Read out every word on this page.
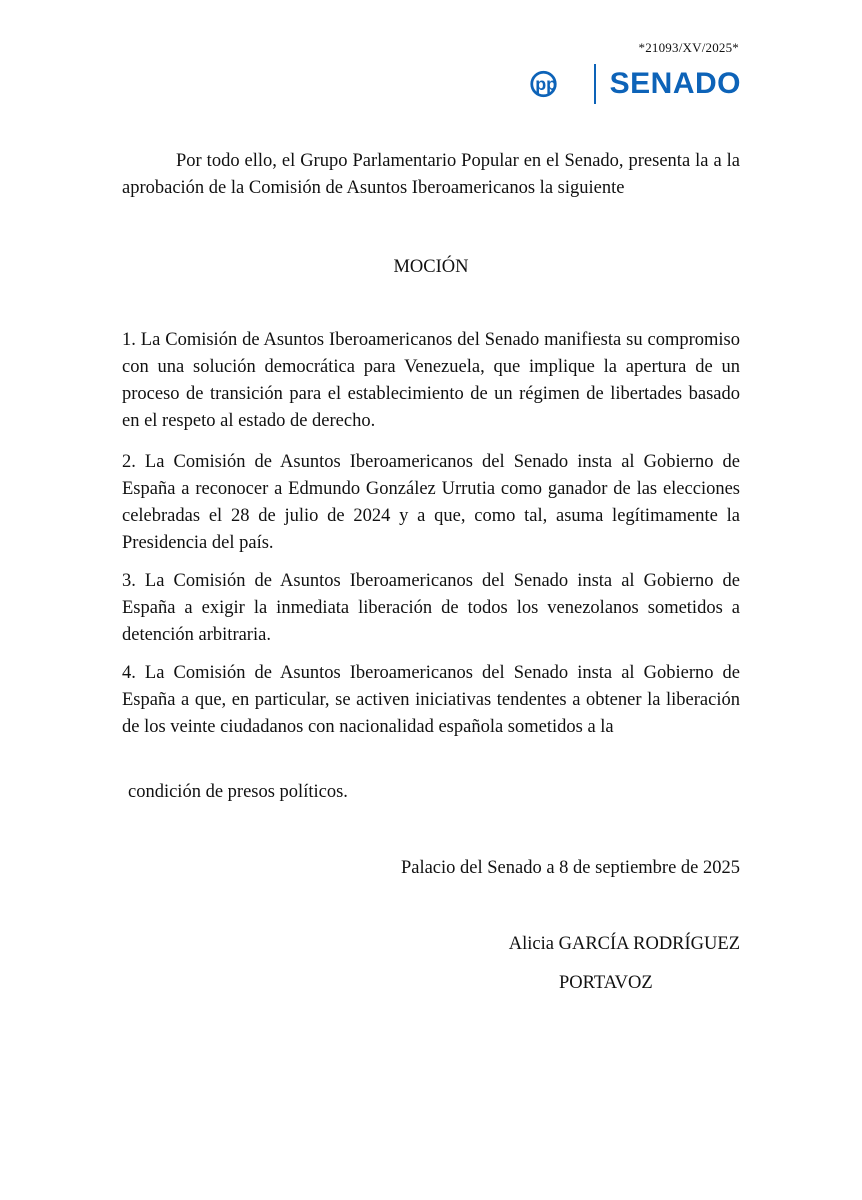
*21093/XV/2025*
pp SENADO
Por todo ello, el Grupo Parlamentario Popular en el Senado, presenta la a la aprobación de la Comisión de Asuntos Iberoamericanos la siguiente
MOCIÓN
1. La Comisión de Asuntos Iberoamericanos del Senado manifiesta su compromiso con una solución democrática para Venezuela, que implique la apertura de un proceso de transición para el establecimiento de un régimen de libertades basado en el respeto al estado de derecho.
2. La Comisión de Asuntos Iberoamericanos del Senado insta al Gobierno de España a reconocer a Edmundo González Urrutia como ganador de las elecciones celebradas el 28 de julio de 2024 y a que, como tal, asuma legítimamente la Presidencia del país.
3. La Comisión de Asuntos Iberoamericanos del Senado insta al Gobierno de España a exigir la inmediata liberación de todos los venezolanos sometidos a detención arbitraria.
4. La Comisión de Asuntos Iberoamericanos del Senado insta al Gobierno de España a que, en particular, se activen iniciativas tendentes a obtener la liberación de los veinte ciudadanos con nacionalidad española sometidos a la
condición de presos políticos.
Palacio del Senado a 8 de septiembre de 2025
Alicia GARCÍA RODRÍGUEZ
PORTAVOZ
